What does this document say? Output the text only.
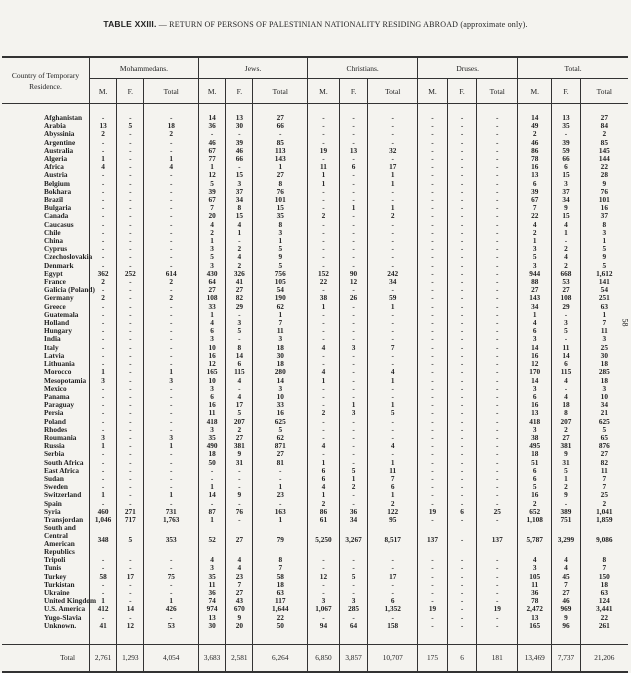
TABLE XXIII. — RETURN OF PERSONS OF PALESTINIAN NATIONALITY RESIDING ABROAD (approximate only).
Country of Temporary Residence.	Mohammedans.			Jews.			Christians.			Druses.			Total.		
	M.	F.	Total	M.	F.	Total	M.	F.	Total	M.	F.	Total	M.	F.	Total

Afghanistan	-	-	-	14	13	27	-	-	-	-	-	-	14	13	27
Arabia	13	5	18	36	30	66	-	-	-	-	-	-	49	35	84
Abyssinia	2	-	2	-	-	-	-	-	-	-	-	-	2	-	2
Argentine	-	-	-	46	39	85	-	-	-	-	-	-	46	39	85
Australia	-	-	-	67	46	113	19	13	32	-	-	-	86	59	145
Algeria	1	-	1	77	66	143	-	-	-	-	-	-	78	66	144
Africa	4	-	4	1	-	1	11	6	17	-	-	-	16	6	22
Austria	-	-	-	12	15	27	1	-	1	-	-	-	13	15	28
Belgium	-	-	-	5	3	8	1	-	1	-	-	-	6	3	9
Bokhara	-	-	-	39	37	76	-	-	-	-	-	-	39	37	76
Brazil	-	-	-	67	34	101	-	-	-	-	-	-	67	34	101
Bulgaria	-	-	-	7	8	15	-	1	1	-	-	-	7	9	16
Canada	-	-	-	20	15	35	2	-	2	-	-	-	22	15	37
Caucasus	-	-	-	4	4	8	-	-	-	-	-	-	4	4	8
Chile	-	-	-	2	1	3	-	-	-	-	-	-	2	1	3
China	-	-	-	1	-	1	-	-	-	-	-	-	1	-	1
Cyprus	-	-	-	3	2	5	-	-	-	-	-	-	3	2	5
Czechoslovakia	-	-	-	5	4	9	-	-	-	-	-	-	5	4	9
Denmark	-	-	-	3	2	5	-	-	-	-	-	-	3	2	5
Egypt	362	252	614	430	326	756	152	90	242	-	-	-	944	668	1,612
France	2	-	2	64	41	105	22	12	34	-	-	-	88	53	141
Galicia (Poland)	-	-	-	27	27	54	-	-	-	-	-	-	27	27	54
Germany	2	-	2	108	82	190	38	26	59	-	-	-	143	108	251
Greece	-	-	-	33	29	62	1	-	1	-	-	-	34	29	63
Guatemala	-	-	-	1	-	1	-	-	-	-	-	-	1	-	1
Holland	-	-	-	4	3	7	-	-	-	-	-	-	4	3	7
Hungary	-	-	-	6	5	11	-	-	-	-	-	-	6	5	11
India	-	-	-	3	-	3	-	-	-	-	-	-	3	-	3
Italy	-	-	-	10	8	18	4	3	7	-	-	-	14	11	25
Latvia	-	-	-	16	14	30	-	-	-	-	-	-	16	14	30
Lithuania	-	-	-	12	6	18	-	-	-	-	-	-	12	6	18
Morocco	1	-	1	165	115	280	4	-	4	-	-	-	170	115	285
Mesopotamia	3	-	3	10	4	14	1	-	1	-	-	-	14	4	18
Mexico	-	-	-	3	-	3	-	-	-	-	-	-	3	-	3
Panama	-	-	-	6	4	10	-	-	-	-	-	-	6	4	10
Paraguay	-	-	-	16	17	33	-	1	1	-	-	-	16	18	34
Persia	-	-	-	11	5	16	2	3	5	-	-	-	13	8	21
Poland	-	-	-	418	207	625	-	-	-	-	-	-	418	207	625
Rhodes	-	-	-	3	2	5	-	-	-	-	-	-	3	2	5
Roumania	3	-	3	35	27	62	-	-	-	-	-	-	38	27	65
Russia	1	-	1	490	381	871	4	-	4	-	-	-	495	381	876
Serbia	-	-	-	18	9	27	-	-	-	-	-	-	18	9	27
South Africa	-	-	-	50	31	81	1	-	1	-	-	-	51	31	82
East Africa	-	-	-	-	-	-	6	5	11	-	-	-	6	5	11
Sudan	-	-	-	-	-	-	6	1	7	-	-	-	6	1	7
Sweden	-	-	-	1	-	1	4	2	6	-	-	-	5	2	7
Switzerland	1	-	1	14	9	23	1	-	1	-	-	-	16	9	25
Spain	-	-	-	-	-	-	2	-	2	-	-	-	2	-	2
Syria	460	271	731	87	76	163	86	36	122	19	6	25	652	389	1,041
Transjordan	1,046	717	1,763	1	-	1	61	34	95	-	-	-	1,108	751	1,859
South and Central American Republics	348	5	353	52	27	79	5,250	3,267	8,517	137	-	137	5,787	3,299	9,086
Tripoli	-	-	-	4	4	8	-	-	-	-	-	-	4	4	8
Tunis	-	-	-	3	4	7	-	-	-	-	-	-	3	4	7
Turkey	58	17	75	35	23	58	12	5	17	-	-	-	105	45	150
Turkistan	-	-	-	11	7	18	-	-	-	-	-	-	11	7	18
Ukraine	-	-	-	36	27	63	-	-	-	-	-	-	36	27	63
United Kingdom	1	-	1	74	43	117	3	3	6	-	-	-	78	46	124
U.S. America	412	14	426	974	670	1,644	1,067	285	1,352	19	-	19	2,472	969	3,441
Yugo-Slavia	-	-	-	13	9	22	-	-	-	-	-	-	13	9	22
Unknown.	41	12	53	30	20	50	94	64	158	-	-	-	165	96	261

Total	2,761	1,293	4,054	3,683	2,581	6,264	6,850	3,857	10,707	175	6	181	13,469	7,737	21,206
58
